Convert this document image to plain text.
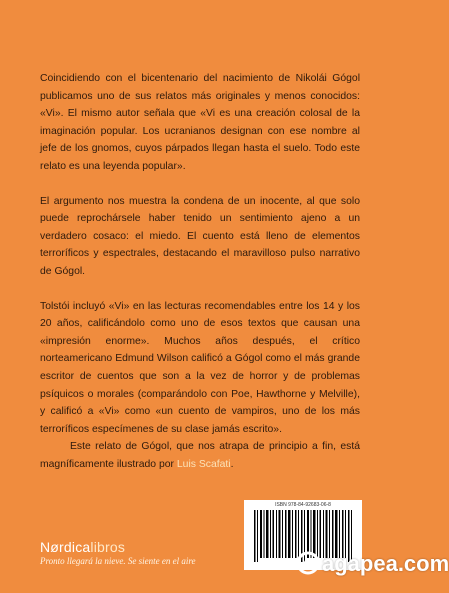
Coincidiendo con el bicentenario del nacimiento de Nikolái Gógol publicamos uno de sus relatos más originales y menos conocidos: «Vi». El mismo autor señala que «Vi es una creación colosal de la imaginación popular. Los ucranianos designan con ese nombre al jefe de los gnomos, cuyos párpados llegan hasta el suelo. Todo este relato es una leyenda popular».

El argumento nos muestra la condena de un inocente, al que solo puede reprochársele haber tenido un sentimiento ajeno a un verdadero cosaco: el miedo. El cuento está lleno de elementos terroríficos y espectrales, destacando el maravilloso pulso narrativo de Gógol.

Tolstói incluyó «Vi» en las lecturas recomendables entre los 14 y los 20 años, calificándolo como uno de esos textos que causan una «impresión enorme». Muchos años después, el crítico norteamericano Edmund Wilson calificó a Gógol como el más grande escritor de cuentos que son a la vez de horror y de problemas psíquicos o morales (comparándolo con Poe, Hawthorne y Melville), y calificó a «Vi» como «un cuento de vampiros, uno de los más terroríficos especímenes de su clase jamás escrito».

Este relato de Gógol, que nos atrapa de principio a fin, está magníficamente ilustrado por Luis Scafati.

ISBN 978-84-92683-06-8
Nørdicalibros
Pronto llegará la nieve. Se siente en el aire	agapea.com
